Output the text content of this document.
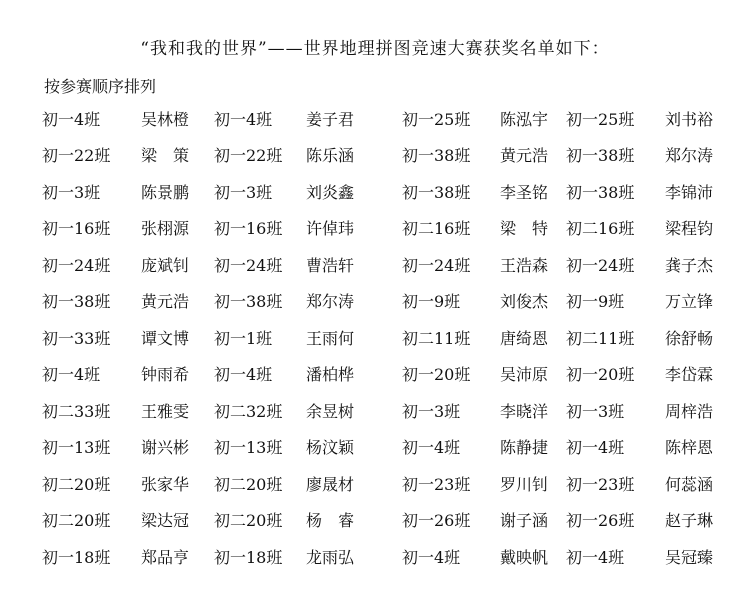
“我和我的世界”——世界地理拼图竞速大赛获奖名单如下：
按参赛顺序排列
初一4班	吴林橙	初一4班	姜子君	初一25班	陈泓宇	初一25班	刘书裕
初一22班	梁　策	初一22班	陈乐涵	初一38班	黄元浩	初一38班	郑尔涛
初一3班	陈景鹏	初一3班	刘炎鑫	初一38班	李圣铭	初一38班	李锦沛
初一16班	张栩源	初一16班	许倬玮	初二16班	梁　特	初二16班	梁程钧
初一24班	庞斌钊	初一24班	曹浩轩	初一24班	王浩森	初一24班	龚子杰
初一38班	黄元浩	初一38班	郑尔涛	初一9班	刘俊杰	初一9班	万立锋
初一33班	谭文博	初一1班	王雨何	初二11班	唐绮恩	初二11班	徐舒畅
初一4班	钟雨希	初一4班	潘柏桦	初一20班	吴沛原	初一20班	李岱霖
初二33班	王雅雯	初二32班	余昱树	初一3班	李晓洋	初一3班	周梓浩
初一13班	谢兴彬	初一13班	杨汶颖	初一4班	陈静捷	初一4班	陈梓恩
初二20班	张家华	初二20班	廖晟材	初一23班	罗川钊	初一23班	何蕊涵
初二20班	梁达冠	初二20班	杨　睿	初一26班	谢子涵	初一26班	赵子琳
初一18班	郑品亨	初一18班	龙雨弘	初一4班	戴映帆	初一4班	吴冠臻
